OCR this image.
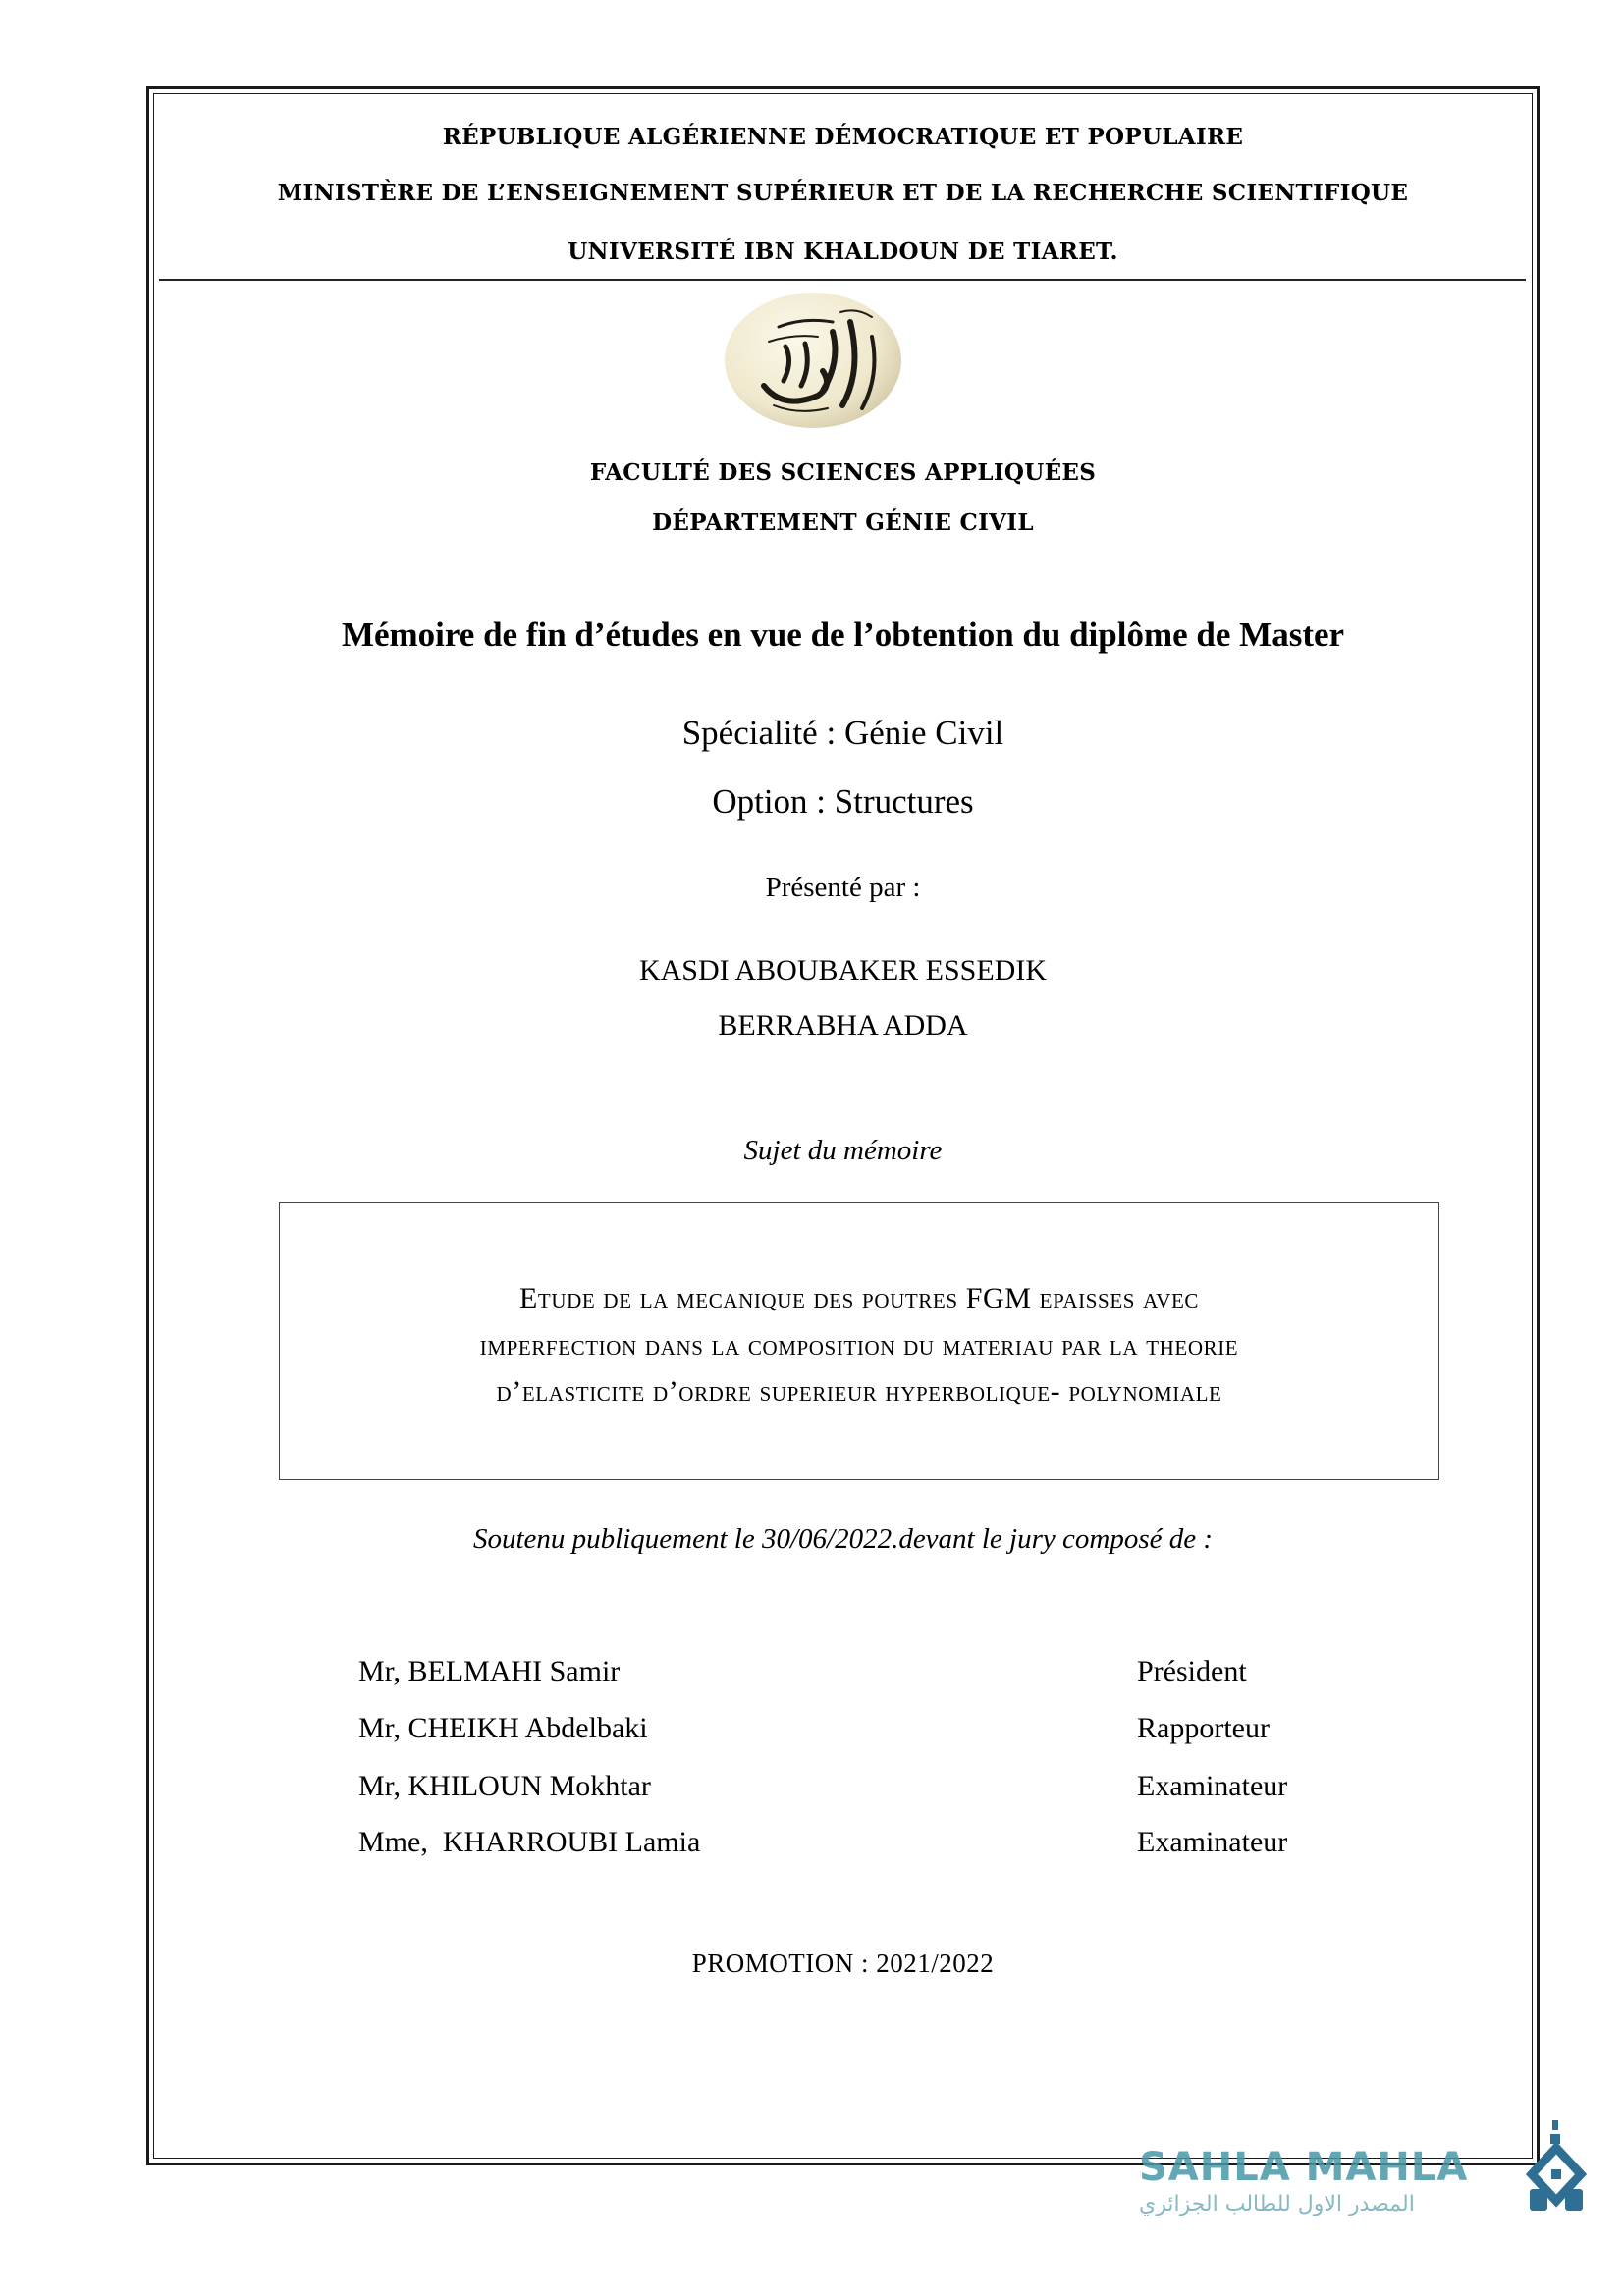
RÉPUBLIQUE ALGÉRIENNE DÉMOCRATIQUE ET POPULAIRE
MINISTÈRE DE L’ENSEIGNEMENT SUPÉRIEUR ET DE LA RECHERCHE SCIENTIFIQUE
UNIVERSITÉ IBN KHALDOUN DE TIARET.
FACULTÉ DES SCIENCES APPLIQUÉES
DÉPARTEMENT GÉNIE CIVIL
Mémoire de fin d’études en vue de l’obtention du diplôme de Master
Spécialité : Génie Civil
Option : Structures
Présenté par :
KASDI ABOUBAKER ESSEDIK
BERRABHA ADDA
Sujet du mémoire
Etude de la mecanique des poutres FGM epaisses avec
imperfection dans la composition du materiau par la theorie
d’elasticite d’ordre superieur hyperbolique- polynomiale
Soutenu publiquement le 30/06/2022.devant le jury composé de :
Mr, BELMAHI Samir	Président
Mr, CHEIKH Abdelbaki	Rapporteur
Mr, KHILOUN Mokhtar	Examinateur
Mme,  KHARROUBI Lamia	Examinateur
PROMOTION : 2021/2022
SAHLA MAHLA
المصدر الاول للطالب الجزائري
